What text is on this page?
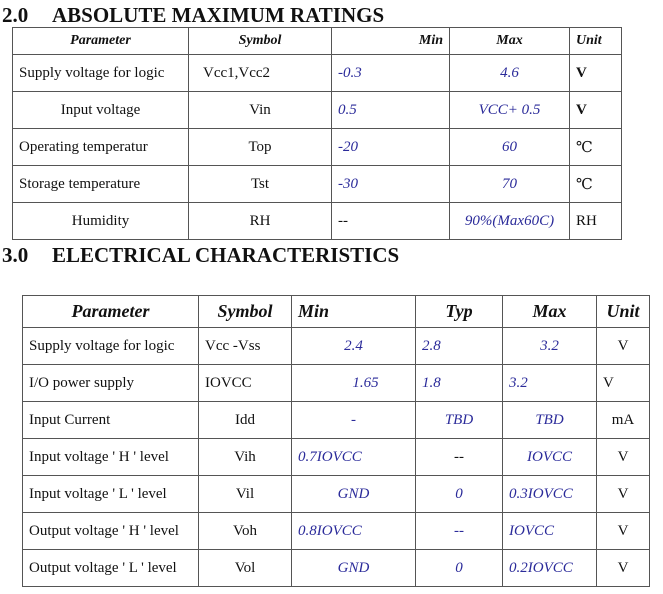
2.0 ABSOLUTE MAXIMUM RATINGS
Parameter	Symbol	Min	Max	Unit
Supply voltage for logic	Vcc1,Vcc2	-0.3	4.6	V
Input voltage	Vin	0.5	VCC+ 0.5	V
Operating temperatur	Top	-20	60	℃
Storage temperature	Tst	-30	70	℃
Humidity	RH	--	90%(Max60C)	RH
3.0 ELECTRICAL CHARACTERISTICS
Parameter	Symbol	Min	Typ	Max	Unit
Supply voltage for logic	Vcc -Vss	2.4	2.8	3.2	V
I/O power supply	IOVCC	1.65	1.8	3.2	V
Input Current	Idd	-	TBD	TBD	mA
Input voltage ' H ' level	Vih	0.7IOVCC	--	IOVCC	V
Input voltage ' L ' level	Vil	GND	0	0.3IOVCC	V
Output voltage ' H ' level	Voh	0.8IOVCC	--	IOVCC	V
Output voltage ' L ' level	Vol	GND	0	0.2IOVCC	V
